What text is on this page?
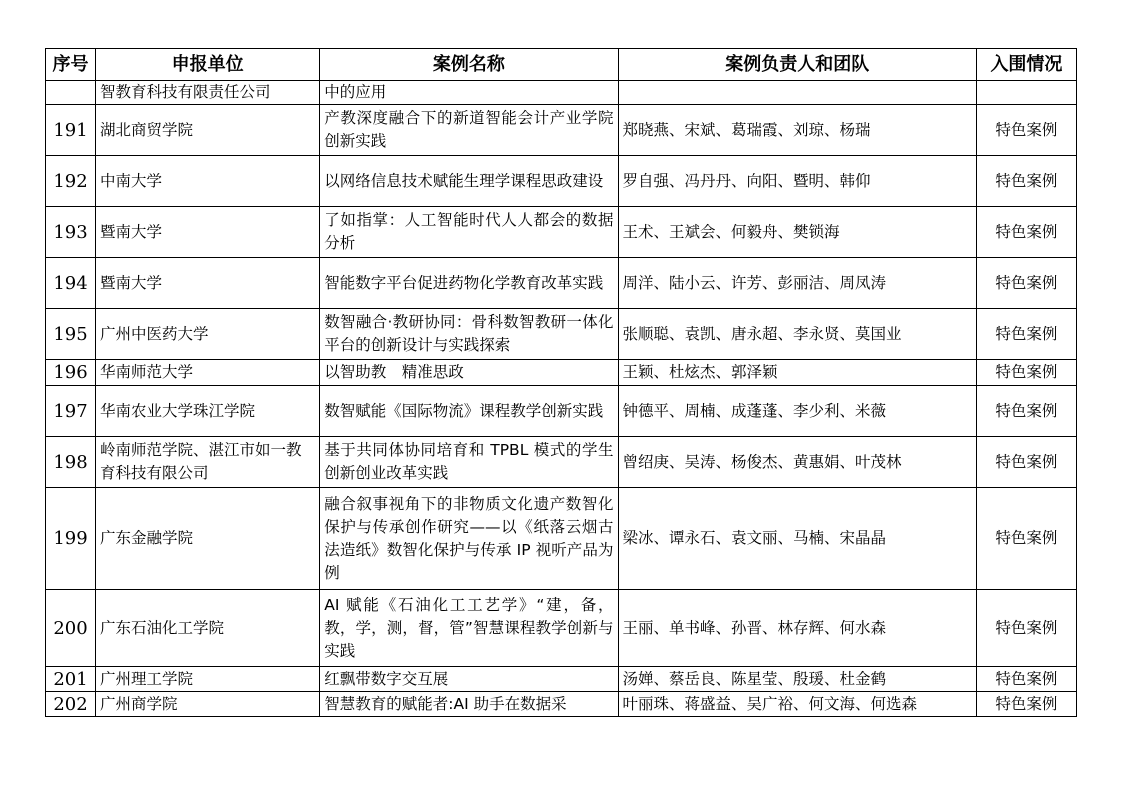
序号	申报单位	案例名称	案例负责人和团队	入围情况
	智教育科技有限责任公司	中的应用		
191	湖北商贸学院	产教深度融合下的新道智能会计产业学院创新实践	郑晓燕、宋斌、葛瑞霞、刘琼、杨瑞	特色案例
192	中南大学	以网络信息技术赋能生理学课程思政建设	罗自强、冯丹丹、向阳、暨明、韩仰	特色案例
193	暨南大学	了如指掌：人工智能时代人人都会的数据分析	王术、王斌会、何毅舟、樊锁海	特色案例
194	暨南大学	智能数字平台促进药物化学教育改革实践	周洋、陆小云、许芳、彭丽洁、周凤涛	特色案例
195	广州中医药大学	数智融合·教研协同：骨科数智教研一体化平台的创新设计与实践探索	张顺聪、袁凯、唐永超、李永贤、莫国业	特色案例
196	华南师范大学	以智助教　精准思政	王颖、杜炫杰、郭泽颖	特色案例
197	华南农业大学珠江学院	数智赋能《国际物流》课程教学创新实践	钟德平、周楠、成蓬蓬、李少利、米薇	特色案例
198	岭南师范学院、湛江市如一教育科技有限公司	基于共同体协同培育和 TPBL 模式的学生创新创业改革实践	曾绍庚、吴涛、杨俊杰、黄惠娟、叶茂林	特色案例
199	广东金融学院	融合叙事视角下的非物质文化遗产数智化保护与传承创作研究——以《纸落云烟古法造纸》数智化保护与传承 IP 视听产品为例	梁冰、谭永石、袁文丽、马楠、宋晶晶	特色案例
200	广东石油化工学院	AI 赋能《石油化工工艺学》“建，备，教，学，测，督，管”智慧课程教学创新与实践	王丽、单书峰、孙晋、林存辉、何水森	特色案例
201	广州理工学院	红飘带数字交互展	汤婵、蔡岳良、陈星莹、殷瑗、杜金鹤	特色案例
202	广州商学院	智慧教育的赋能者:AI 助手在数据采	叶丽珠、蒋盛益、吴广裕、何文海、何选森	特色案例
